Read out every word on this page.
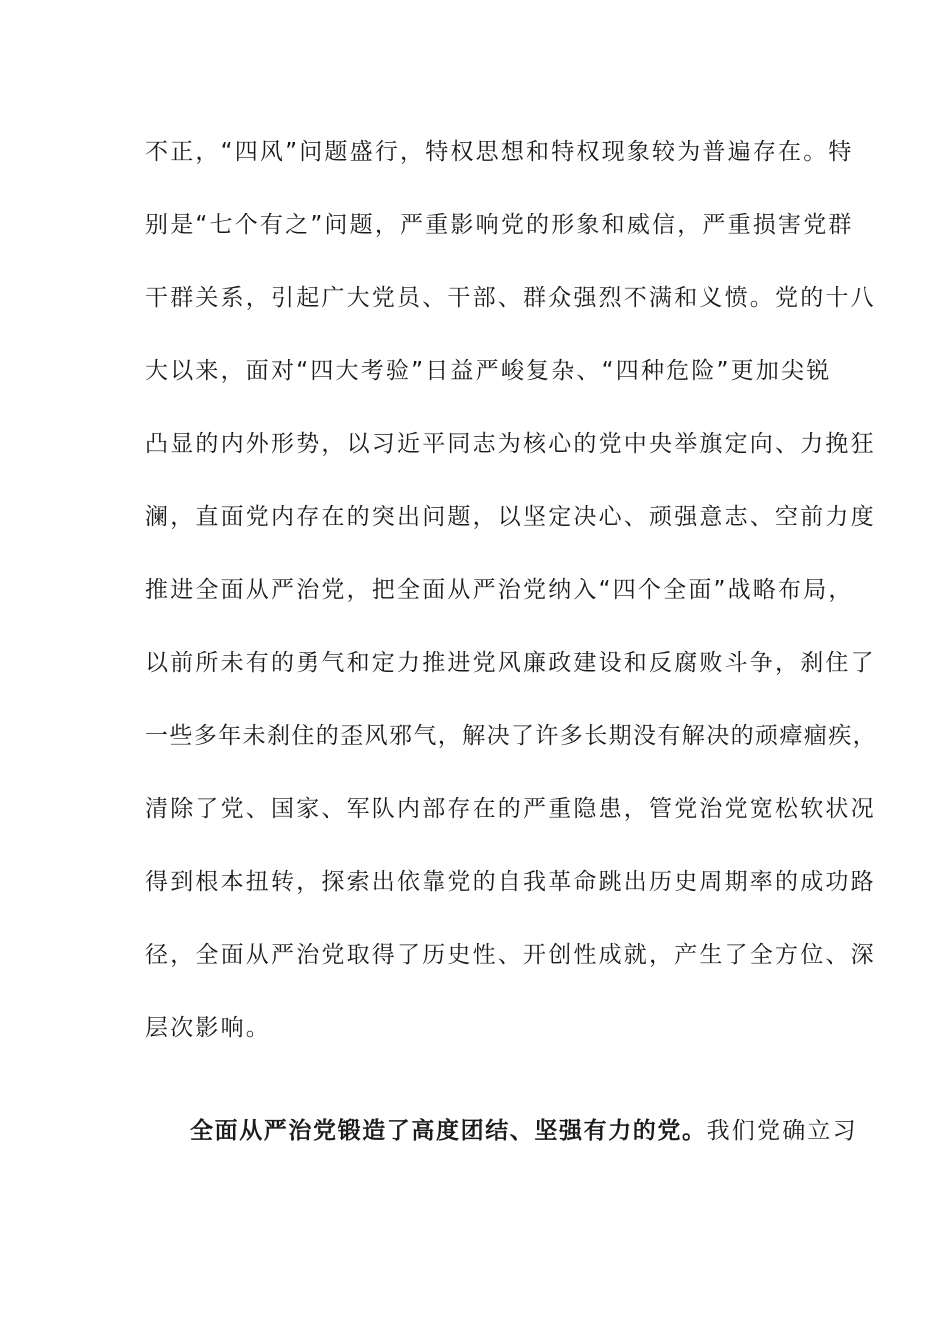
不正，“四风”问题盛行，特权思想和特权现象较为普遍存在。特
别是“七个有之”问题，严重影响党的形象和威信，严重损害党群
干群关系，引起广大党员、干部、群众强烈不满和义愤。党的十八
大以来，面对“四大考验”日益严峻复杂、“四种危险”更加尖锐
凸显的内外形势，以习近平同志为核心的党中央举旗定向、力挽狂
澜，直面党内存在的突出问题，以坚定决心、顽强意志、空前力度
推进全面从严治党，把全面从严治党纳入“四个全面”战略布局，
以前所未有的勇气和定力推进党风廉政建设和反腐败斗争，刹住了
一些多年未刹住的歪风邪气，解决了许多长期没有解决的顽瘴痼疾，
清除了党、国家、军队内部存在的严重隐患，管党治党宽松软状况
得到根本扭转，探索出依靠党的自我革命跳出历史周期率的成功路
径，全面从严治党取得了历史性、开创性成就，产生了全方位、深
层次影响。
全面从严治党锻造了高度团结、坚强有力的党。我们党确立习
